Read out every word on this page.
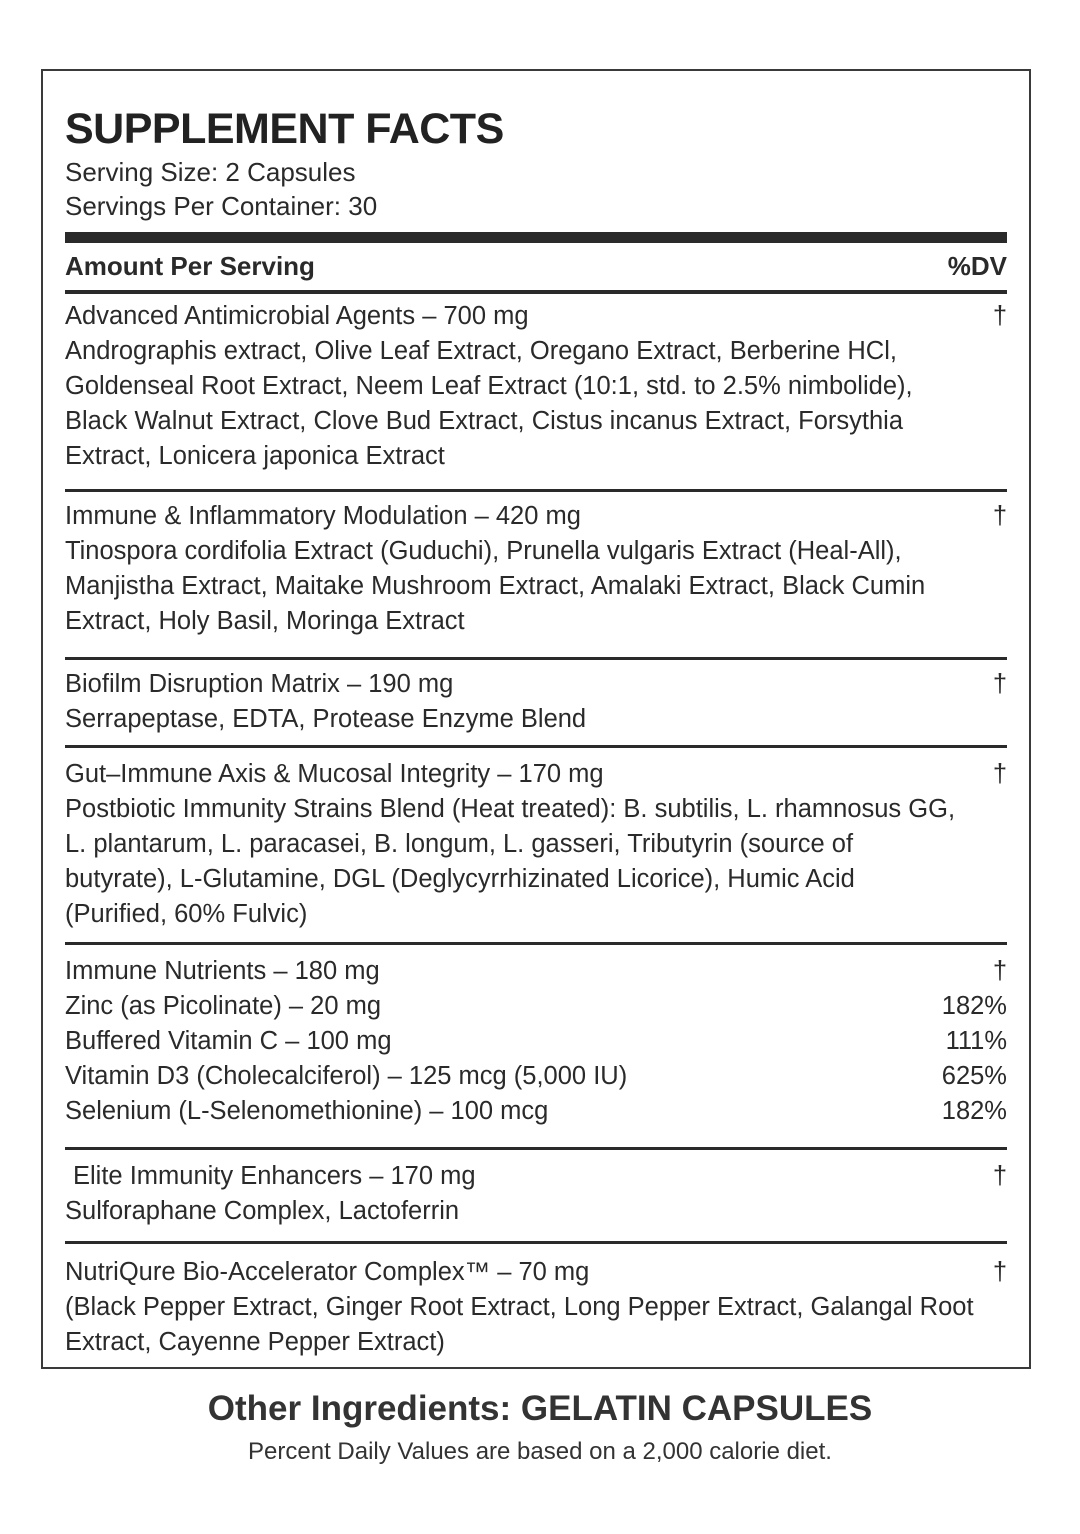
SUPPLEMENT FACTS
Serving Size: 2 Capsules
Servings Per Container: 30
Amount Per Serving	%DV
Advanced Antimicrobial Agents – 700 mg	†
Andrographis extract, Olive Leaf Extract, Oregano Extract, Berberine HCl, Goldenseal Root Extract, Neem Leaf Extract (10:1, std. to 2.5% nimbolide), Black Walnut Extract, Clove Bud Extract, Cistus incanus Extract, Forsythia Extract, Lonicera japonica Extract
Immune & Inflammatory Modulation – 420 mg	†
Tinospora cordifolia Extract (Guduchi), Prunella vulgaris Extract (Heal-All), Manjistha Extract, Maitake Mushroom Extract, Amalaki Extract, Black Cumin Extract, Holy Basil, Moringa Extract
Biofilm Disruption Matrix – 190 mg	†
Serrapeptase, EDTA, Protease Enzyme Blend
Gut–Immune Axis & Mucosal Integrity – 170 mg	†
Postbiotic Immunity Strains Blend (Heat treated): B. subtilis, L. rhamnosus GG, L. plantarum, L. paracasei, B. longum, L. gasseri, Tributyrin (source of butyrate), L-Glutamine, DGL (Deglycyrrhizinated Licorice), Humic Acid (Purified, 60% Fulvic)
Immune Nutrients – 180 mg	†
Zinc (as Picolinate) – 20 mg	182%
Buffered Vitamin C – 100 mg	111%
Vitamin D3 (Cholecalciferol) – 125 mcg (5,000 IU)	625%
Selenium (L-Selenomethionine) – 100 mcg	182%
Elite Immunity Enhancers – 170 mg	†
Sulforaphane Complex, Lactoferrin
NutriQure Bio-Accelerator Complex™ – 70 mg	†
(Black Pepper Extract, Ginger Root Extract, Long Pepper Extract, Galangal Root Extract, Cayenne Pepper Extract)
Other Ingredients: GELATIN CAPSULES
Percent Daily Values are based on a 2,000 calorie diet.
